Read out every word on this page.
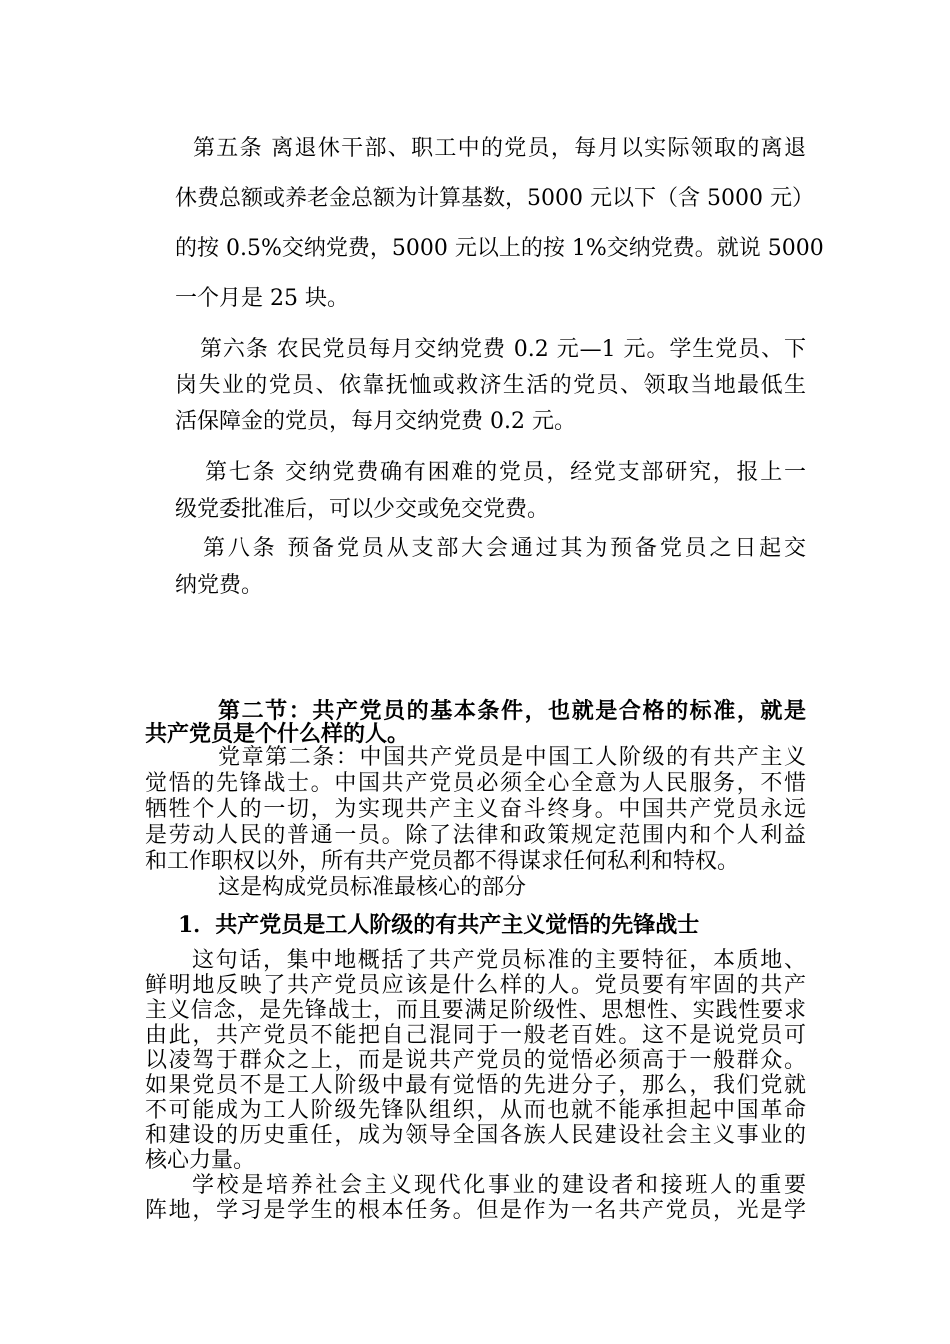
第五条 离退休干部、职工中的党员，每月以实际领取的离退
休费总额或养老金总额为计算基数，5000 元以下（含 5000 元）
的按 0.5%交纳党费，5000 元以上的按 1%交纳党费。就说 5000
一个月是 25 块。
第六条 农民党员每月交纳党费 0.2 元—1 元。学生党员、下
岗失业的党员、依靠抚恤或救济生活的党员、领取当地最低生
活保障金的党员，每月交纳党费 0.2 元。
第七条 交纳党费确有困难的党员，经党支部研究，报上一
级党委批准后，可以少交或免交党费。
第八条 预备党员从支部大会通过其为预备党员之日起交
纳党费。
第二节：共产党员的基本条件，也就是合格的标准，就是
共产党员是个什么样的人。
党章第二条：中国共产党员是中国工人阶级的有共产主义
觉悟的先锋战士。中国共产党员必须全心全意为人民服务，不惜
牺牲个人的一切，为实现共产主义奋斗终身。中国共产党员永远
是劳动人民的普通一员。除了法律和政策规定范围内和个人利益
和工作职权以外，所有共产党员都不得谋求任何私利和特权。
这是构成党员标准最核心的部分
1．共产党员是工人阶级的有共产主义觉悟的先锋战士
这句话，集中地概括了共产党员标准的主要特征，本质地、
鲜明地反映了共产党员应该是什么样的人。党员要有牢固的共产
主义信念，是先锋战士，而且要满足阶级性、思想性、实践性要求
由此，共产党员不能把自己混同于一般老百姓。这不是说党员可
以凌驾于群众之上，而是说共产党员的觉悟必须高于一般群众。
如果党员不是工人阶级中最有觉悟的先进分子，那么，我们党就
不可能成为工人阶级先锋队组织，从而也就不能承担起中国革命
和建设的历史重任，成为领导全国各族人民建设社会主义事业的
核心力量。
学校是培养社会主义现代化事业的建设者和接班人的重要
阵地，学习是学生的根本任务。但是作为一名共产党员，光是学
